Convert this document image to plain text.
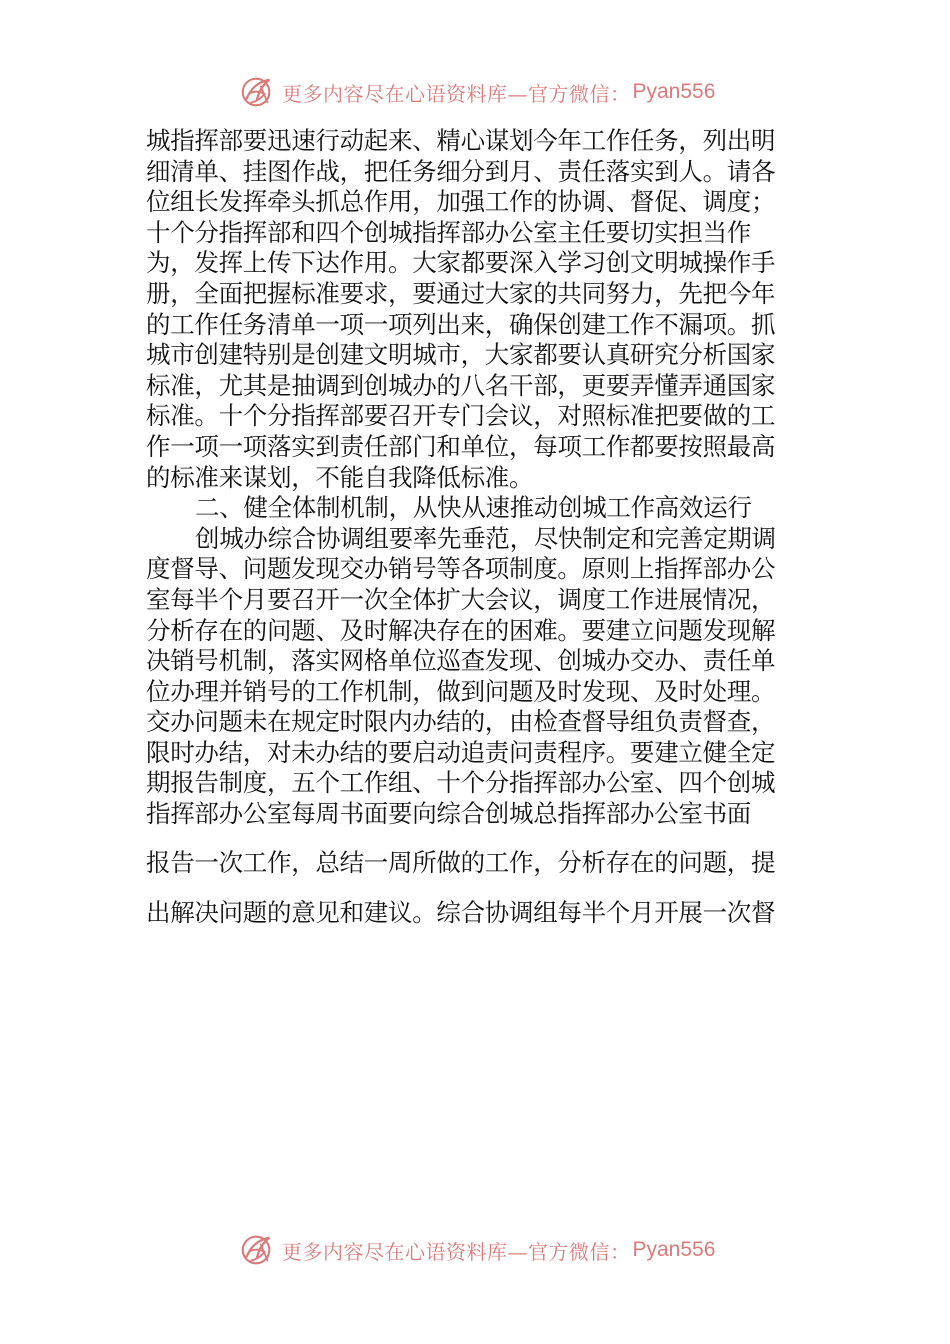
更多内容尽在心语资料库—官方微信： Pyan556
城指挥部要迅速行动起来、精心谋划今年工作任务，列出明
细清单、挂图作战，把任务细分到月、责任落实到人。请各
位组长发挥牵头抓总作用，加强工作的协调、督促、调度；
十个分指挥部和四个创城指挥部办公室主任要切实担当作
为，发挥上传下达作用。大家都要深入学习创文明城操作手
册，全面把握标准要求，要通过大家的共同努力，先把今年
的工作任务清单一项一项列出来，确保创建工作不漏项。抓
城市创建特别是创建文明城市，大家都要认真研究分析国家
标准，尤其是抽调到创城办的八名干部，更要弄懂弄通国家
标准。十个分指挥部要召开专门会议，对照标准把要做的工
作一项一项落实到责任部门和单位，每项工作都要按照最高
的标准来谋划，不能自我降低标准。
二、健全体制机制，从快从速推动创城工作高效运行
创城办综合协调组要率先垂范，尽快制定和完善定期调
度督导、问题发现交办销号等各项制度。原则上指挥部办公
室每半个月要召开一次全体扩大会议，调度工作进展情况，
分析存在的问题、及时解决存在的困难。要建立问题发现解
决销号机制，落实网格单位巡查发现、创城办交办、责任单
位办理并销号的工作机制，做到问题及时发现、及时处理。
交办问题未在规定时限内办结的，由检查督导组负责督查，
限时办结，对未办结的要启动追责问责程序。要建立健全定
期报告制度，五个工作组、十个分指挥部办公室、四个创城
指挥部办公室每周书面要向综合创城总指挥部办公室书面
报告一次工作，总结一周所做的工作，分析存在的问题，提
出解决问题的意见和建议。综合协调组每半个月开展一次督
更多内容尽在心语资料库—官方微信： Pyan556
